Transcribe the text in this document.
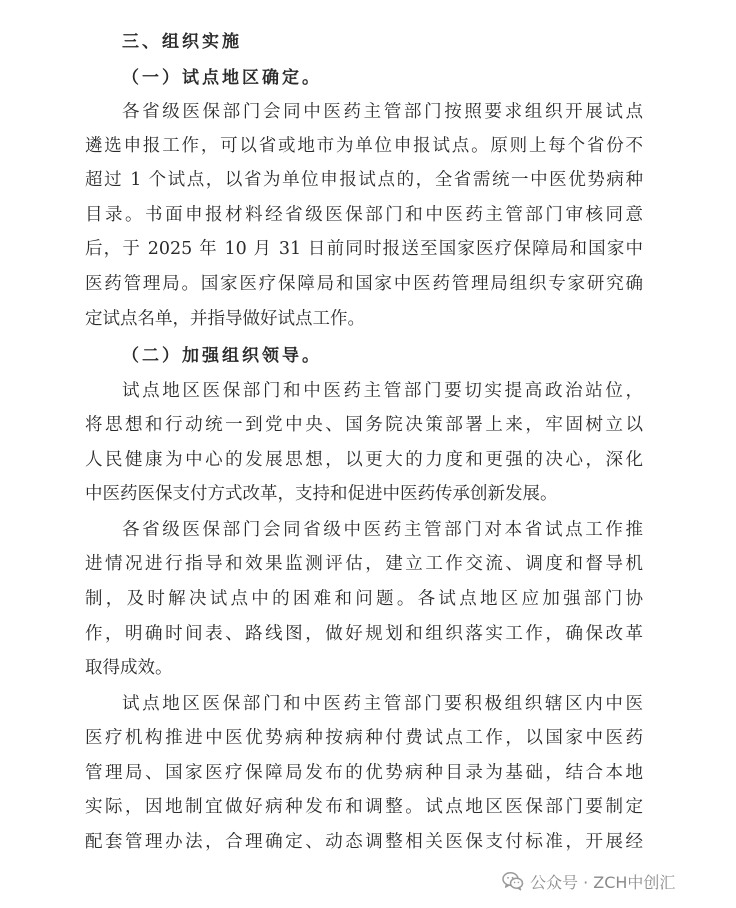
三、组织实施
（一）试点地区确定。
各省级医保部门会同中医药主管部门按照要求组织开展试点
遴选申报工作，可以省或地市为单位申报试点。原则上每个省份不
超过 1 个试点，以省为单位申报试点的，全省需统一中医优势病种
目录。书面申报材料经省级医保部门和中医药主管部门审核同意
后，于 2025 年 10 月 31 日前同时报送至国家医疗保障局和国家中
医药管理局。国家医疗保障局和国家中医药管理局组织专家研究确
定试点名单，并指导做好试点工作。
（二）加强组织领导。
试点地区医保部门和中医药主管部门要切实提高政治站位，
将思想和行动统一到党中央、国务院决策部署上来，牢固树立以
人民健康为中心的发展思想，以更大的力度和更强的决心，深化
中医药医保支付方式改革，支持和促进中医药传承创新发展。
各省级医保部门会同省级中医药主管部门对本省试点工作推
进情况进行指导和效果监测评估，建立工作交流、调度和督导机
制，及时解决试点中的困难和问题。各试点地区应加强部门协
作，明确时间表、路线图，做好规划和组织落实工作，确保改革
取得成效。
试点地区医保部门和中医药主管部门要积极组织辖区内中医
医疗机构推进中医优势病种按病种付费试点工作，以国家中医药
管理局、国家医疗保障局发布的优势病种目录为基础，结合本地
实际，因地制宜做好病种发布和调整。试点地区医保部门要制定
配套管理办法，合理确定、动态调整相关医保支付标准，开展经
公众号 · ZCH中创汇
